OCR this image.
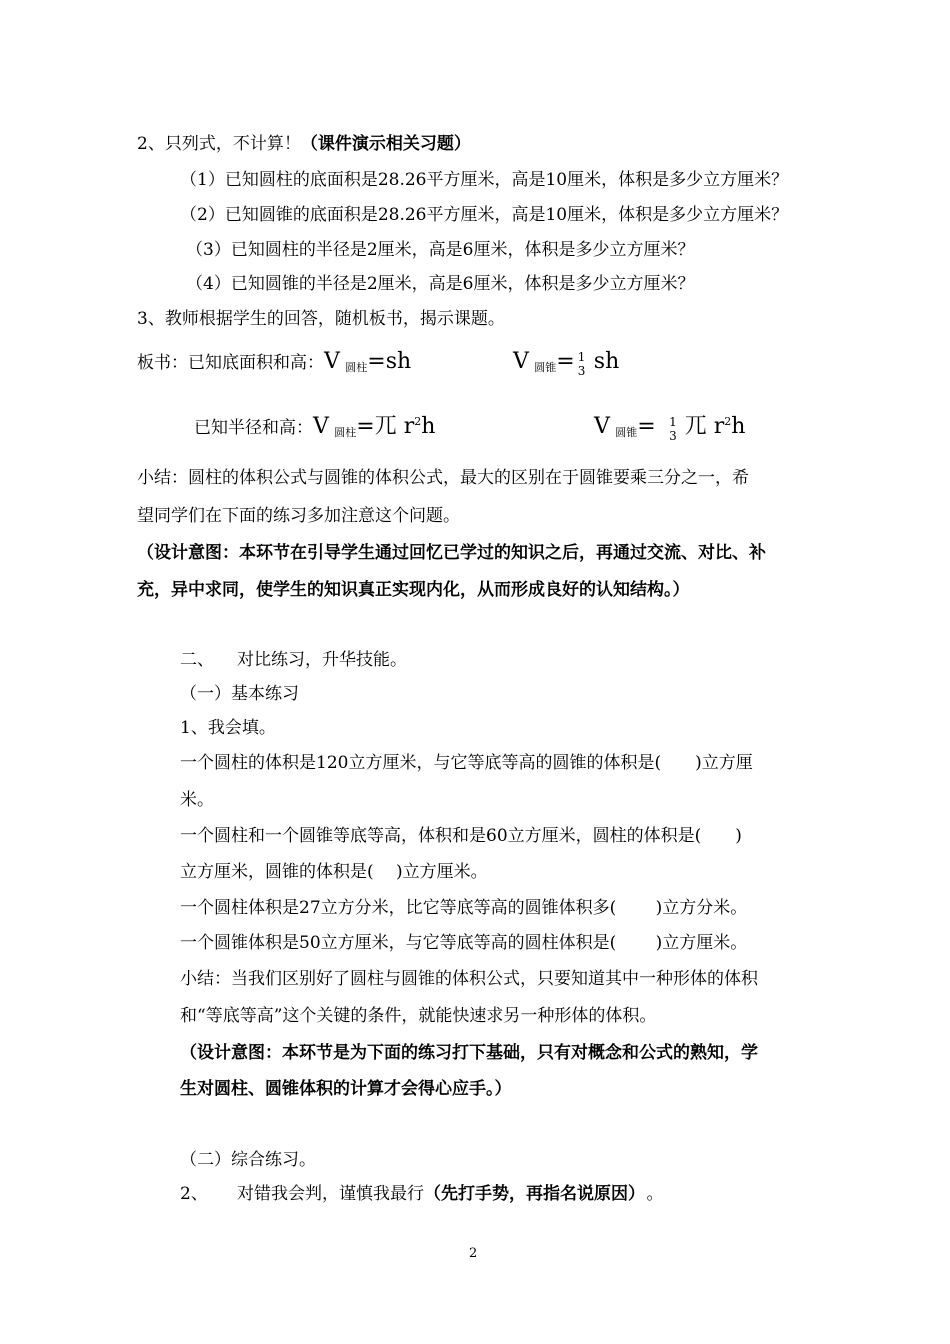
2、只列式，不计算！（课件演示相关习题）
（1）已知圆柱的底面积是28.26平方厘米，高是10厘米，体积是多少立方厘米？
（2）已知圆锥的底面积是28.26平方厘米，高是10厘米，体积是多少立方厘米？
（3）已知圆柱的半径是2厘米，高是6厘米，体积是多少立方厘米？
（4）已知圆锥的半径是2厘米，高是6厘米，体积是多少立方厘米？
3、教师根据学生的回答，随机板书，揭示课题。
板书：已知底面积和高：V 圆柱=sh	V 圆锥= 1
3 sh
已知半径和高：V 圆柱=兀 $r^2h$	V 圆锥= 1
3 兀 $r^2h$
小结：圆柱的体积公式与圆锥的体积公式，最大的区别在于圆锥要乘三分之一，希
望同学们在下面的练习多加注意这个问题。
（设计意图：本环节在引导学生通过回忆已学过的知识之后，再通过交流、对比、补
充，异中求同，使学生的知识真正实现内化，从而形成良好的认知结构。）
二、 对比练习，升华技能。
（一）基本练习
1、我会填。
一个圆柱的体积是120立方厘米，与它等底等高的圆锥的体积是(　　)立方厘
米。
一个圆柱和一个圆锥等底等高，体积和是60立方厘米，圆柱的体积是(　　)
立方厘米，圆锥的体积是(　 )立方厘米。
一个圆柱体积是27立方分米，比它等底等高的圆锥体积多(　　 )立方分米。
一个圆锥体积是50立方厘米，与它等底等高的圆柱体积是(　　 )立方厘米。
小结：当我们区别好了圆柱与圆锥的体积公式，只要知道其中一种形体的体积
和“等底等高”这个关键的条件，就能快速求另一种形体的体积。
（设计意图：本环节是为下面的练习打下基础，只有对概念和公式的熟知，学
生对圆柱、圆锥体积的计算才会得心应手。）
（二）综合练习。
2、 对错我会判，谨慎我最行（先打手势，再指名说原因） 。
2
